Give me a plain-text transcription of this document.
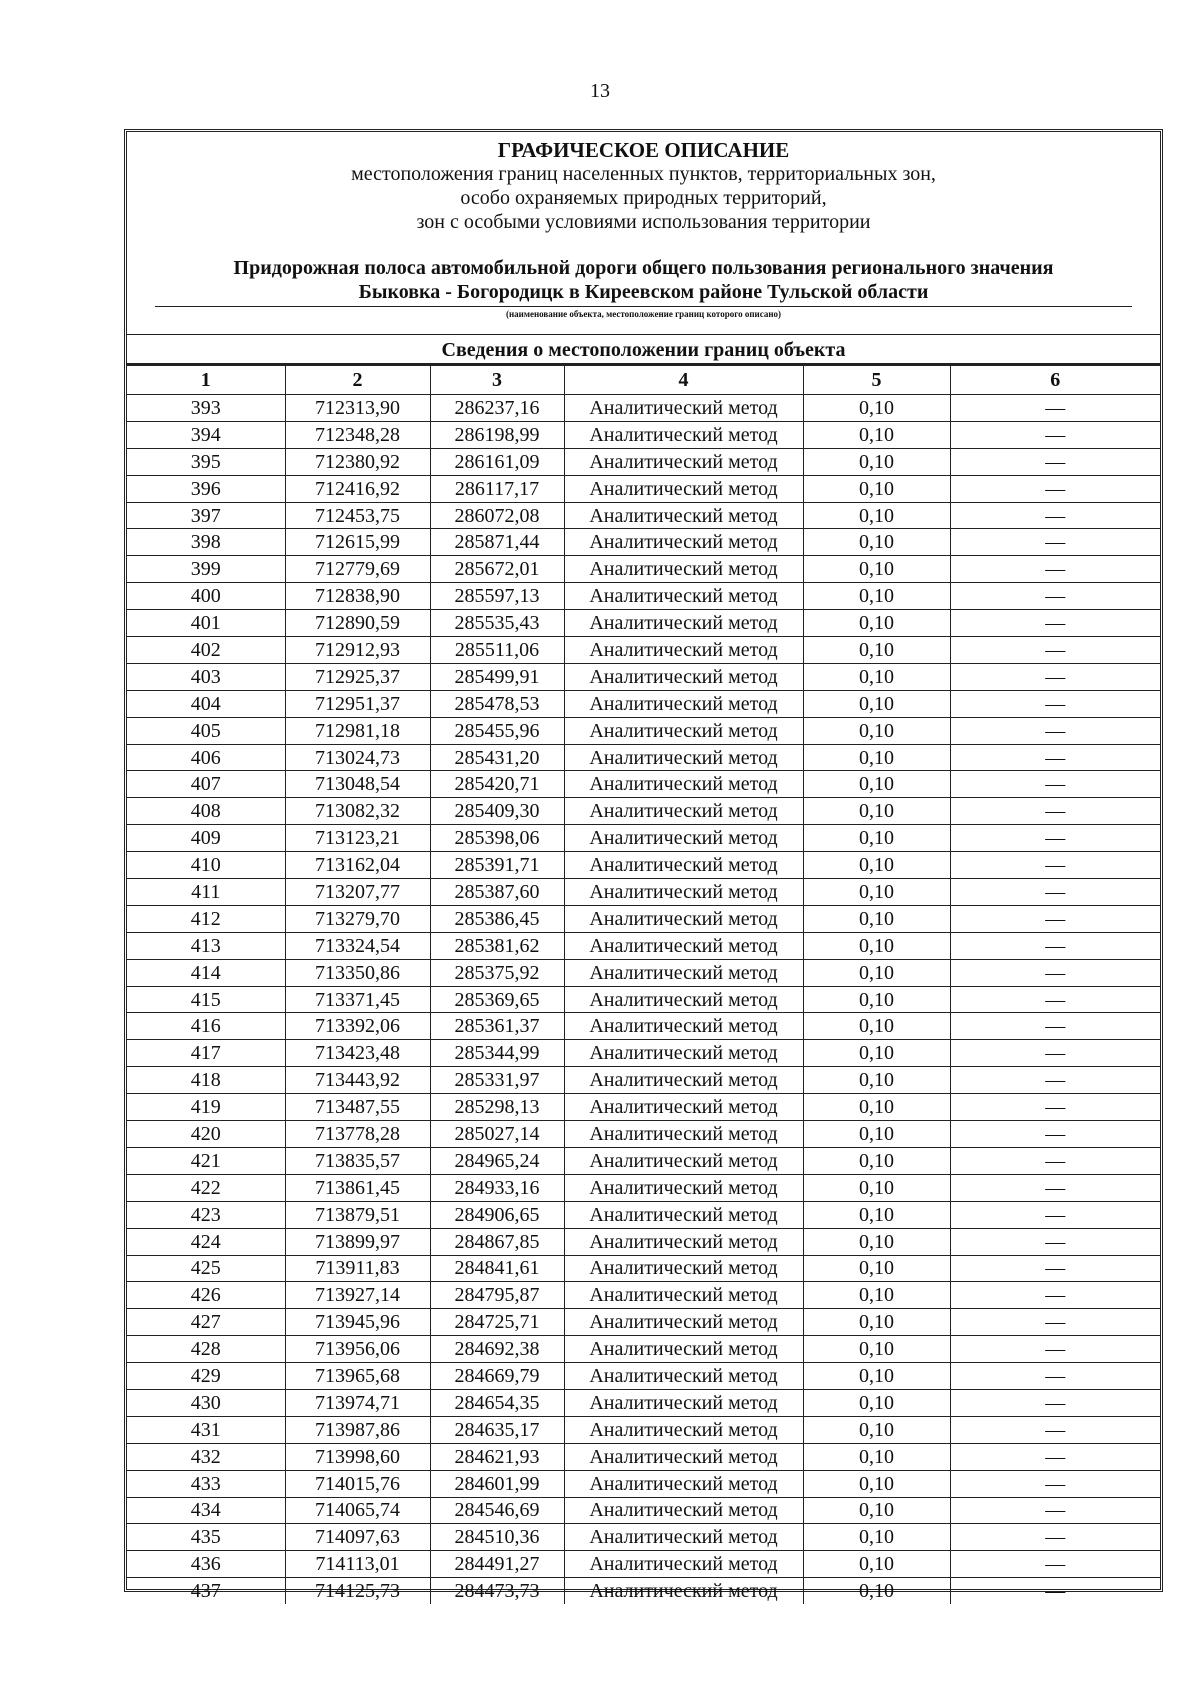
13
ГРАФИЧЕСКОЕ ОПИСАНИЕ
местоположения границ населенных пунктов, территориальных зон,
особо охраняемых природных территорий,
зон с особыми условиями использования территории
Придорожная полоса автомобильной дороги общего пользования регионального значения
Быковка - Богородицк в Киреевском районе Тульской области
(наименование объекта, местоположение границ которого описано)
Сведения о местоположении границ объекта
1	2	3	4	5	6
393	712313,90	286237,16	Аналитический метод	0,10	—
394	712348,28	286198,99	Аналитический метод	0,10	—
395	712380,92	286161,09	Аналитический метод	0,10	—
396	712416,92	286117,17	Аналитический метод	0,10	—
397	712453,75	286072,08	Аналитический метод	0,10	—
398	712615,99	285871,44	Аналитический метод	0,10	—
399	712779,69	285672,01	Аналитический метод	0,10	—
400	712838,90	285597,13	Аналитический метод	0,10	—
401	712890,59	285535,43	Аналитический метод	0,10	—
402	712912,93	285511,06	Аналитический метод	0,10	—
403	712925,37	285499,91	Аналитический метод	0,10	—
404	712951,37	285478,53	Аналитический метод	0,10	—
405	712981,18	285455,96	Аналитический метод	0,10	—
406	713024,73	285431,20	Аналитический метод	0,10	—
407	713048,54	285420,71	Аналитический метод	0,10	—
408	713082,32	285409,30	Аналитический метод	0,10	—
409	713123,21	285398,06	Аналитический метод	0,10	—
410	713162,04	285391,71	Аналитический метод	0,10	—
411	713207,77	285387,60	Аналитический метод	0,10	—
412	713279,70	285386,45	Аналитический метод	0,10	—
413	713324,54	285381,62	Аналитический метод	0,10	—
414	713350,86	285375,92	Аналитический метод	0,10	—
415	713371,45	285369,65	Аналитический метод	0,10	—
416	713392,06	285361,37	Аналитический метод	0,10	—
417	713423,48	285344,99	Аналитический метод	0,10	—
418	713443,92	285331,97	Аналитический метод	0,10	—
419	713487,55	285298,13	Аналитический метод	0,10	—
420	713778,28	285027,14	Аналитический метод	0,10	—
421	713835,57	284965,24	Аналитический метод	0,10	—
422	713861,45	284933,16	Аналитический метод	0,10	—
423	713879,51	284906,65	Аналитический метод	0,10	—
424	713899,97	284867,85	Аналитический метод	0,10	—
425	713911,83	284841,61	Аналитический метод	0,10	—
426	713927,14	284795,87	Аналитический метод	0,10	—
427	713945,96	284725,71	Аналитический метод	0,10	—
428	713956,06	284692,38	Аналитический метод	0,10	—
429	713965,68	284669,79	Аналитический метод	0,10	—
430	713974,71	284654,35	Аналитический метод	0,10	—
431	713987,86	284635,17	Аналитический метод	0,10	—
432	713998,60	284621,93	Аналитический метод	0,10	—
433	714015,76	284601,99	Аналитический метод	0,10	—
434	714065,74	284546,69	Аналитический метод	0,10	—
435	714097,63	284510,36	Аналитический метод	0,10	—
436	714113,01	284491,27	Аналитический метод	0,10	—
437	714125,73	284473,73	Аналитический метод	0,10	—
